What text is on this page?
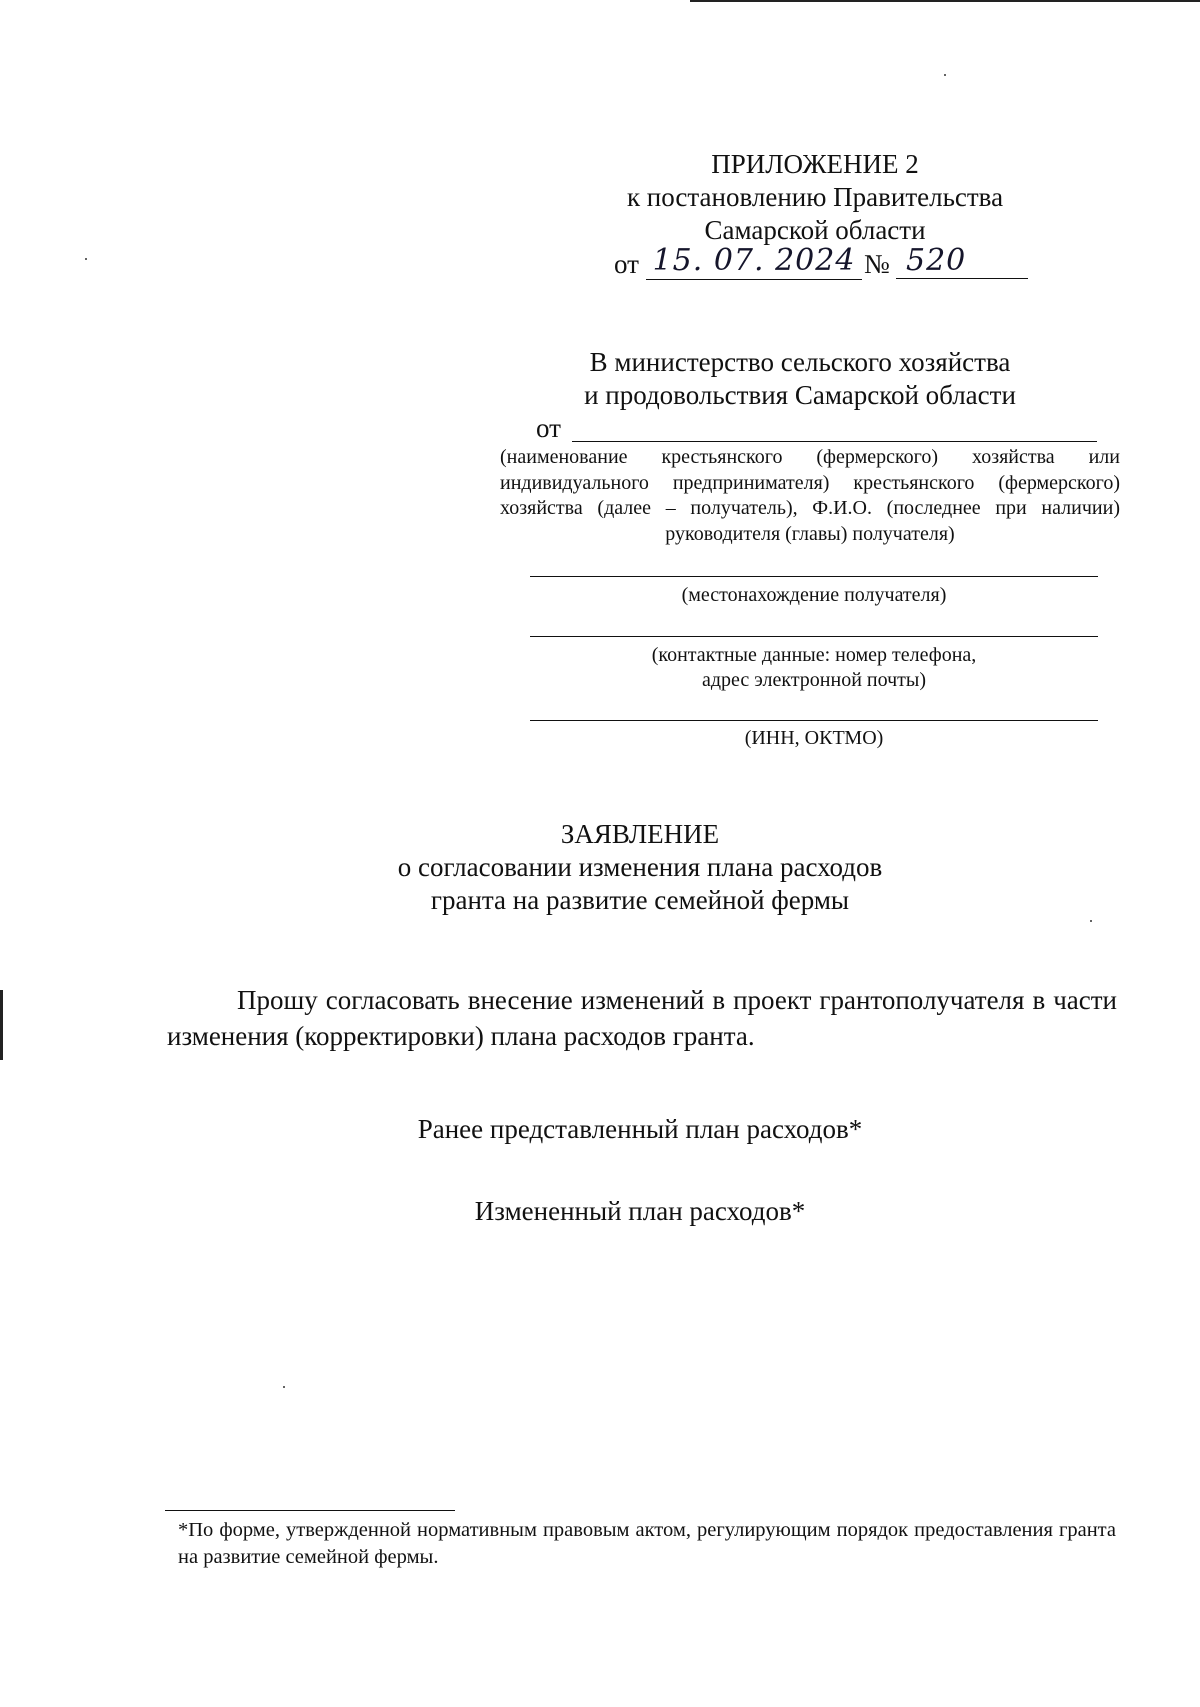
ПРИЛОЖЕНИЕ 2
к постановлению Правительства
Самарской области
от 15. 07. 2024 № 520
В министерство сельского хозяйства
и продовольствия Самарской области
от
(наименование крестьянского (фермерского) хозяйства или индивидуального предпринимателя) крестьянского (фермерского) хозяйства (далее – получатель), Ф.И.О. (последнее при наличии) руководителя (главы) получателя)
(местонахождение получателя)
(контактные данные: номер телефона,
адрес электронной почты)
(ИНН, ОКТМО)
ЗАЯВЛЕНИЕ
о согласовании изменения плана расходов
гранта на развитие семейной фермы
Прошу согласовать внесение изменений в проект грантополучателя в части изменения (корректировки) плана расходов гранта.
Ранее представленный план расходов*
Измененный план расходов*
*По форме, утвержденной нормативным правовым актом, регулирующим порядок предоставления гранта на развитие семейной фермы.
